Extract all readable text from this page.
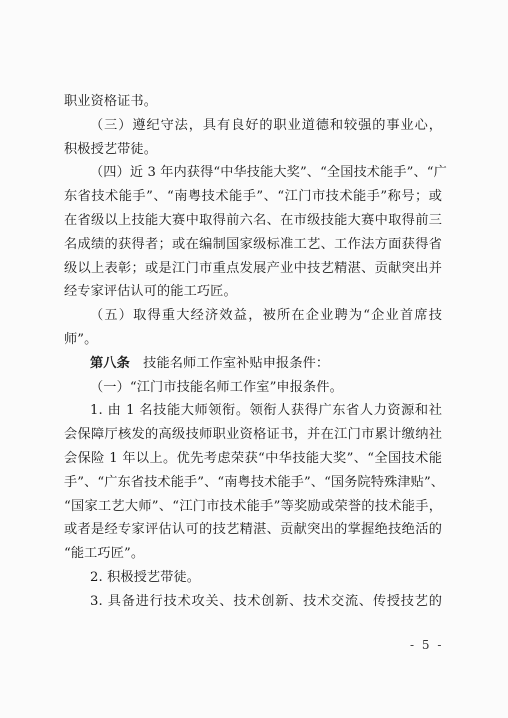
职业资格证书。
（三）遵纪守法，具有良好的职业道德和较强的事业心，
积极授艺带徒。
（四）近 3 年内获得“中华技能大奖”、“全国技术能手”、“广
东省技术能手”、“南粤技术能手”、“江门市技术能手”称号；或
在省级以上技能大赛中取得前六名、在市级技能大赛中取得前三
名成绩的获得者；或在编制国家级标准工艺、工作法方面获得省
级以上表彰；或是江门市重点发展产业中技艺精湛、贡献突出并
经专家评估认可的能工巧匠。
（五）取得重大经济效益，被所在企业聘为“企业首席技
师”。
第八条  技能名师工作室补贴申报条件：
（一）“江门市技能名师工作室”申报条件。
1. 由 1 名技能大师领衔。领衔人获得广东省人力资源和社
会保障厅核发的高级技师职业资格证书，并在江门市累计缴纳社
会保险 1 年以上。优先考虑荣获“中华技能大奖”、“全国技术能
手”、“广东省技术能手”、“南粤技术能手”、“国务院特殊津贴”、
“国家工艺大师”、“江门市技术能手”等奖励或荣誉的技术能手，
或者是经专家评估认可的技艺精湛、贡献突出的掌握绝技绝活的
“能工巧匠”。
2. 积极授艺带徒。
3. 具备进行技术攻关、技术创新、技术交流、传授技艺的
- 5 -
